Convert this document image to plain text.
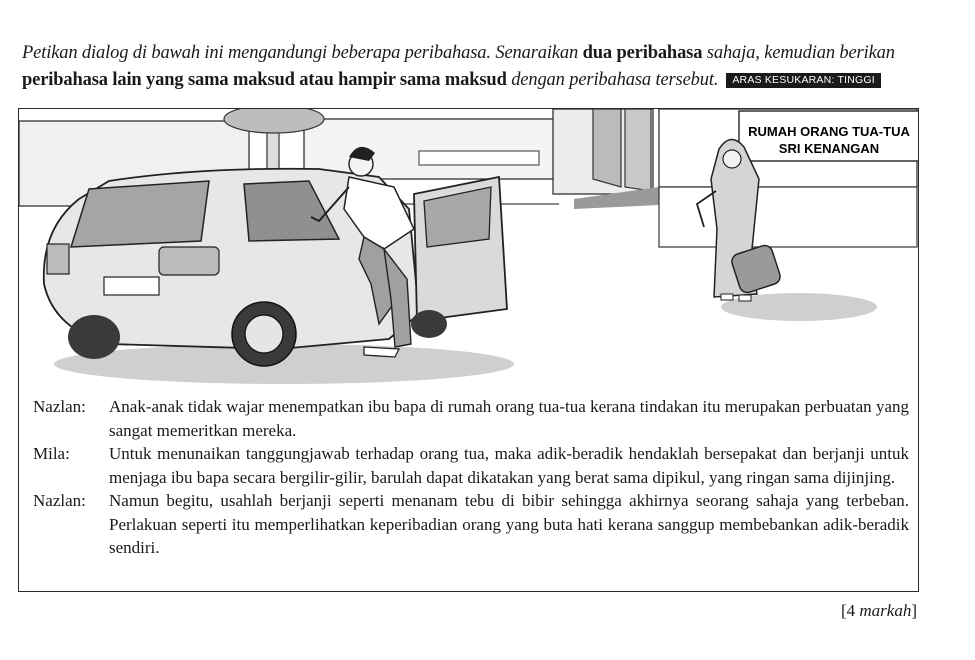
Petikan dialog di bawah ini mengandungi beberapa peribahasa. Senaraikan dua peribahasa sahaja, kemudian berikan
peribahasa lain yang sama maksud atau hampir sama maksud dengan peribahasa tersebut. ARAS KESUKARAN: TINGGI
RUMAH ORANG TUA-TUA
SRI KENANGAN
Nazlan:	Anak-anak tidak wajar menempatkan ibu bapa di rumah orang tua-tua kerana tindakan itu merupakan perbuatan yang sangat memeritkan mereka.
Mila:	Untuk menunaikan tanggungjawab terhadap orang tua, maka adik-beradik hendaklah bersepakat dan berjanji untuk menjaga ibu bapa secara bergilir-gilir, barulah dapat dikatakan yang berat sama dipikul, yang ringan sama dijinjing.
Nazlan:	Namun begitu, usahlah berjanji seperti menanam tebu di bibir sehingga akhirnya seorang sahaja yang terbeban. Perlakuan seperti itu memperlihatkan keperibadian orang yang buta hati kerana sanggup membebankan adik-beradik sendiri.
[4 markah]
